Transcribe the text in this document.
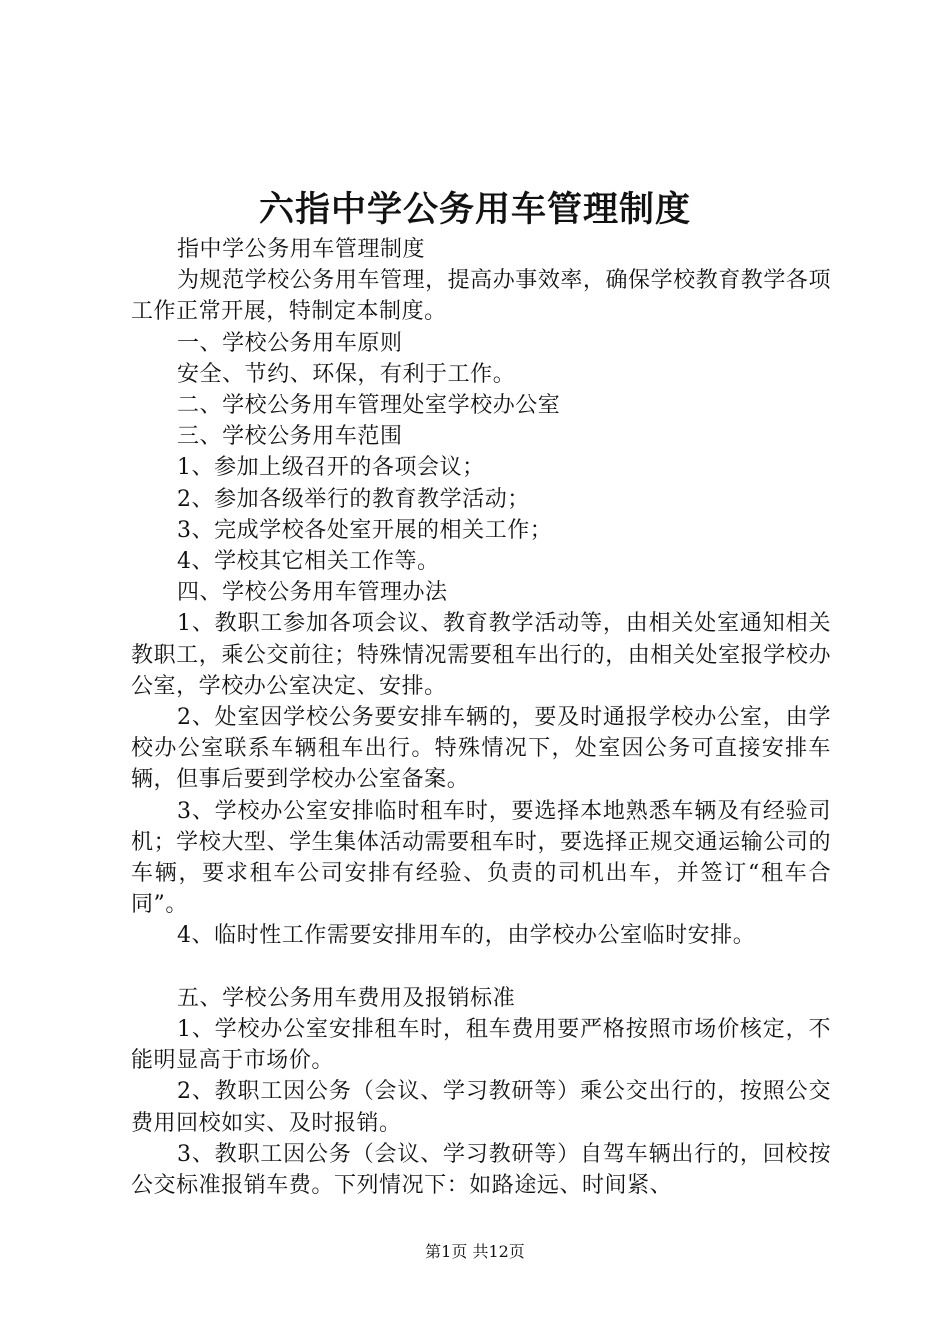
六指中学公务用车管理制度

指中学公务用车管理制度

为规范学校公务用车管理，提高办事效率，确保学校教育教学各项工作正常开展，特制定本制度。

一、学校公务用车原则

安全、节约、环保，有利于工作。

二、学校公务用车管理处室学校办公室

三、学校公务用车范围

1、参加上级召开的各项会议；

2、参加各级举行的教育教学活动；

3、完成学校各处室开展的相关工作；

4、学校其它相关工作等。

四、学校公务用车管理办法

1、教职工参加各项会议、教育教学活动等，由相关处室通知相关教职工，乘公交前往；特殊情况需要租车出行的，由相关处室报学校办公室，学校办公室决定、安排。

2、处室因学校公务要安排车辆的，要及时通报学校办公室，由学校办公室联系车辆租车出行。特殊情况下，处室因公务可直接安排车辆，但事后要到学校办公室备案。

3、学校办公室安排临时租车时，要选择本地熟悉车辆及有经验司机；学校大型、学生集体活动需要租车时，要选择正规交通运输公司的车辆，要求租车公司安排有经验、负责的司机出车，并签订“租车合同”。

4、临时性工作需要安排用车的，由学校办公室临时安排。

五、学校公务用车费用及报销标准

1、学校办公室安排租车时，租车费用要严格按照市场价核定，不能明显高于市场价。

2、教职工因公务（会议、学习教研等）乘公交出行的，按照公交费用回校如实、及时报销。

3、教职工因公务（会议、学习教研等）自驾车辆出行的，回校按公交标准报销车费。下列情况下：如路途远、时间紧、

第1页 共12页
